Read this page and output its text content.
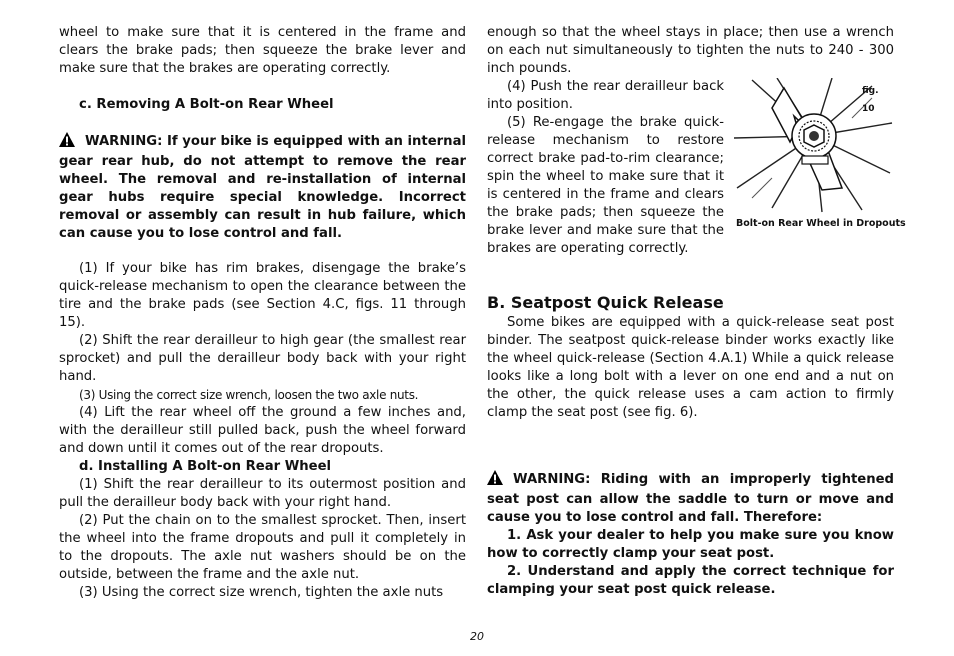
wheel to make sure that it is centered in the frame and clears the brake pads; then squeeze the brake lever and make sure that the brakes are operating correctly.

c. Removing A Bolt-on Rear Wheel

WARNING: If your bike is equipped with an internal gear rear hub, do not attempt to remove the rear wheel. The removal and re-installation of internal gear hubs require special knowledge. Incorrect removal or assembly can result in hub failure, which can cause you to lose control and fall.

(1) If your bike has rim brakes, disengage the brake’s quick-release mechanism to open the clearance between the tire and the brake pads (see Section 4.C, figs. 11 through 15).

(2) Shift the rear derailleur to high gear (the smallest rear sprocket) and pull the derailleur body back with your right hand.

(3) Using the correct size wrench, loosen the two axle nuts.

(4) Lift the rear wheel off the ground a few inches and, with the derailleur still pulled back, push the wheel forward and down until it comes out of the rear dropouts.

d. Installing A Bolt-on Rear Wheel

(1) Shift the rear derailleur to its outermost position and pull the derailleur body back with your right hand.

(2) Put the chain on to the smallest sprocket. Then, insert the wheel into the frame dropouts and pull it completely in to the dropouts. The axle nut washers should be on the outside, between the frame and the axle nut.

(3) Using the correct size wrench, tighten the axle nuts

enough so that the wheel stays in place; then use a wrench on each nut simultaneously to tighten the nuts to 240 - 300 inch pounds.

fig. 10
Bolt-on Rear Wheel in Dropouts

(4) Push the rear derailleur back into position.

(5) Re-engage the brake quick-release mechanism to restore correct brake pad-to-rim clearance; spin the wheel to make sure that it is centered in the frame and clears the brake pads; then squeeze the brake lever and make sure that the brakes are operating correctly.

B. Seatpost Quick Release

Some bikes are equipped with a quick-release seat post binder. The seatpost quick-release binder works exactly like the wheel quick-release (Section 4.A.1) While a quick release looks like a long bolt with a lever on one end and a nut on the other, the quick release uses a cam action to firmly clamp the seat post (see fig. 6).

WARNING: Riding with an improperly tightened seat post can allow the saddle to turn or move and cause you to lose control and fall. Therefore:

1. Ask your dealer to help you make sure you know how to correctly clamp your seat post.

2. Understand and apply the correct technique for clamping your seat post quick release.

20
